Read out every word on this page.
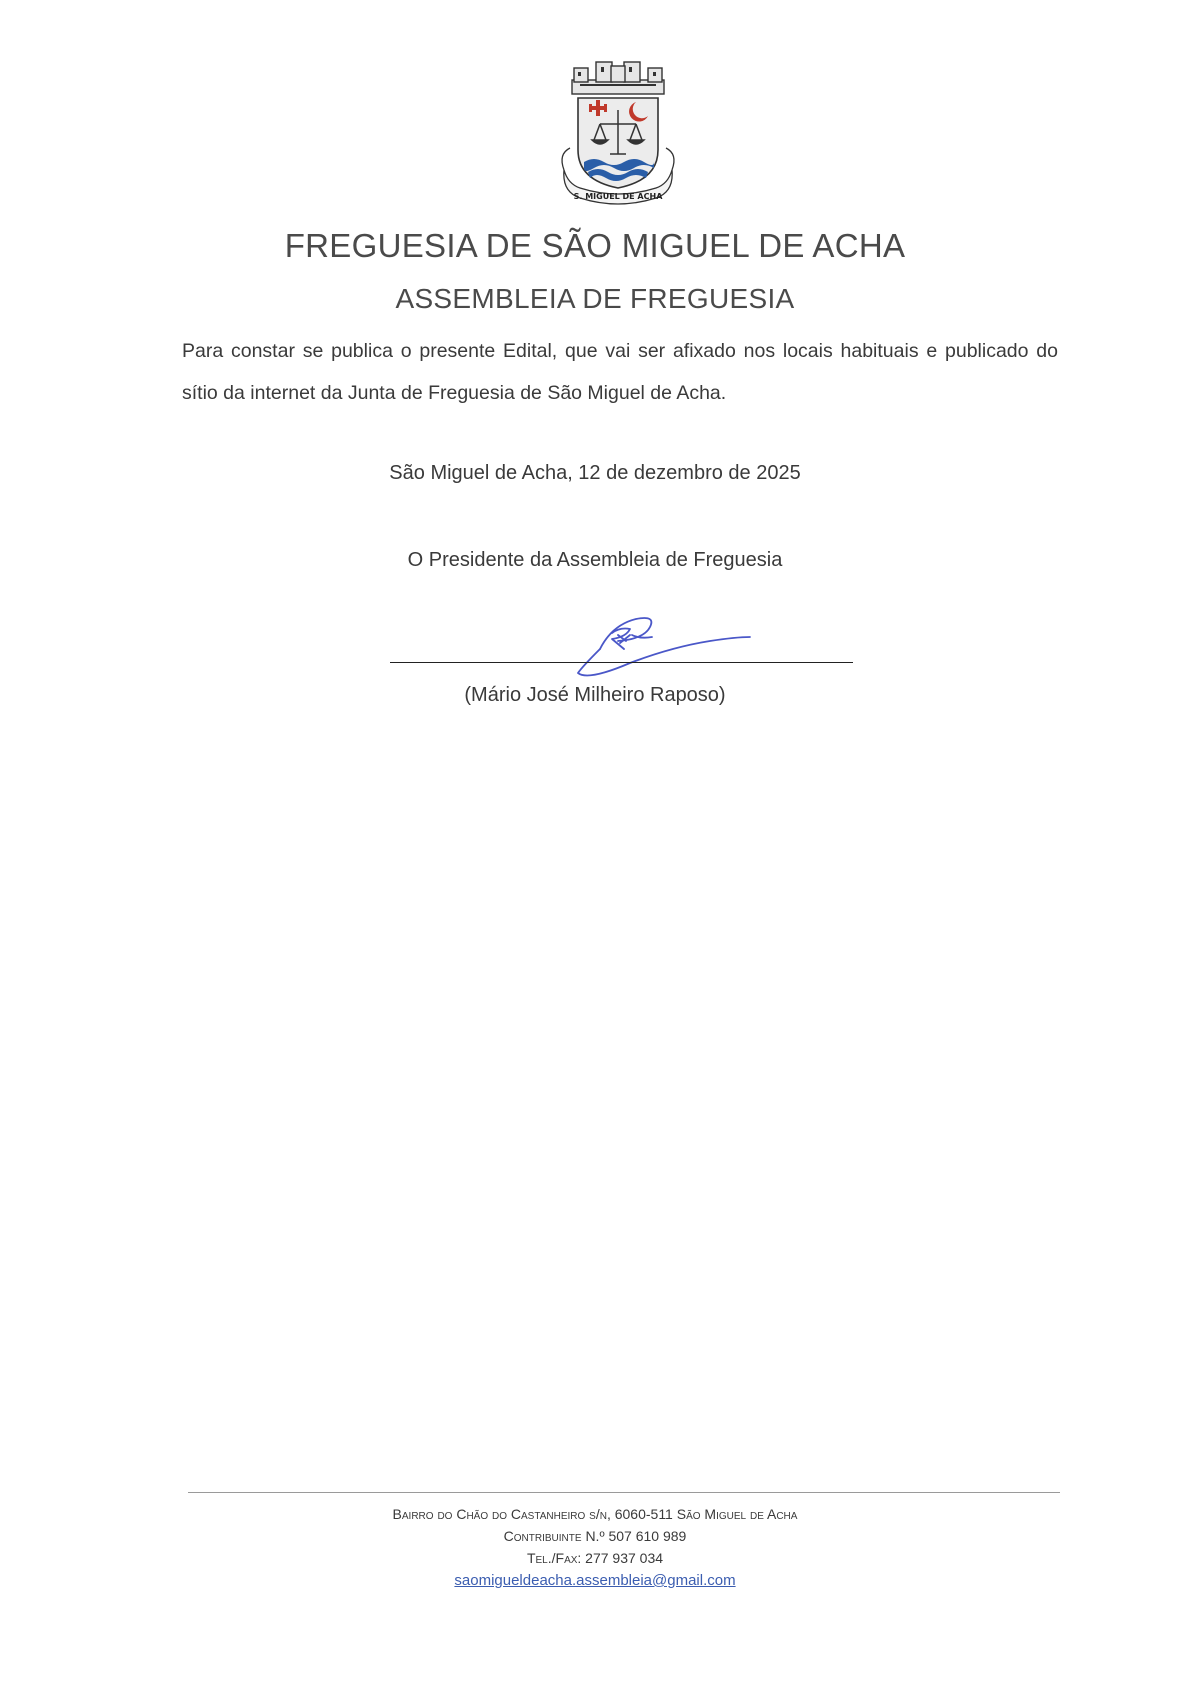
S. MIGUEL DE ACHA
FREGUESIA DE SÃO MIGUEL DE ACHA
ASSEMBLEIA DE FREGUESIA
Para constar se publica o presente Edital, que vai ser afixado nos locais habituais e publicado do sítio da internet da Junta de Freguesia de São Miguel de Acha.
São Miguel de Acha, 12 de dezembro de 2025
O Presidente da Assembleia de Freguesia
(Mário José Milheiro Raposo)
Bairro do Chão do Castanheiro s/n, 6060-511 São Miguel de Acha
Contribuinte N.º 507 610 989
Tel./Fax: 277 937 034
saomigueldeacha.assembleia@gmail.com
